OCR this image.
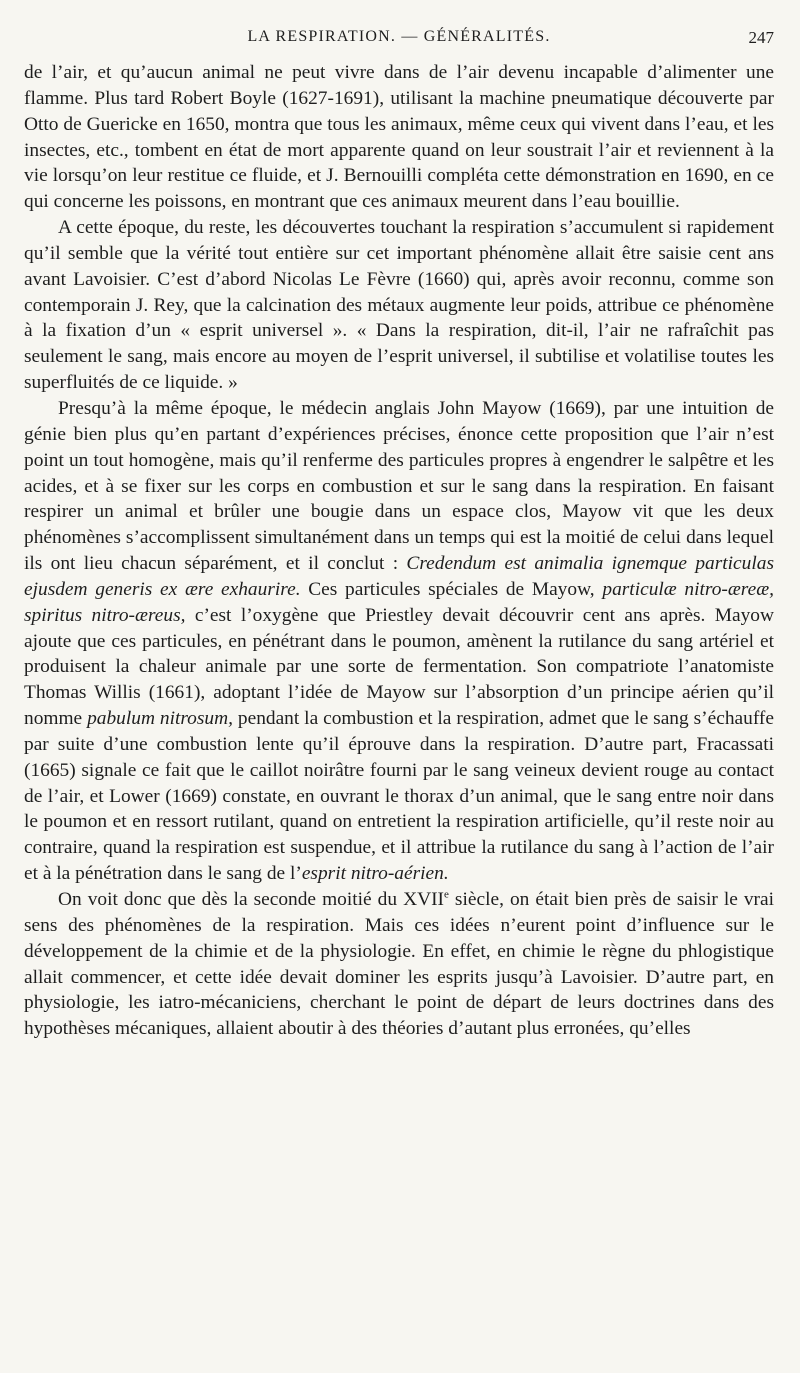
LA RESPIRATION. — GÉNÉRALITÉS.	247

de l’air, et qu’aucun animal ne peut vivre dans de l’air devenu incapable d’alimenter une flamme. Plus tard Robert Boyle (1627-1691), utilisant la machine pneumatique découverte par Otto de Guericke en 1650, montra que tous les animaux, même ceux qui vivent dans l’eau, et les insectes, etc., tombent en état de mort apparente quand on leur soustrait l’air et reviennent à la vie lorsqu’on leur restitue ce fluide, et J. Bernouilli compléta cette démonstration en 1690, en ce qui concerne les poissons, en montrant que ces animaux meurent dans l’eau bouillie.

A cette époque, du reste, les découvertes touchant la respiration s’accumulent si rapidement qu’il semble que la vérité tout entière sur cet important phénomène allait être saisie cent ans avant Lavoisier. C’est d’abord Nicolas Le Fèvre (1660) qui, après avoir reconnu, comme son contemporain J. Rey, que la calcination des métaux augmente leur poids, attribue ce phénomène à la fixation d’un « esprit universel ». « Dans la respiration, dit-il, l’air ne rafraîchit pas seulement le sang, mais encore au moyen de l’esprit universel, il subtilise et volatilise toutes les superfluités de ce liquide. »

Presqu’à la même époque, le médecin anglais John Mayow (1669), par une intuition de génie bien plus qu’en partant d’expériences précises, énonce cette proposition que l’air n’est point un tout homogène, mais qu’il renferme des particules propres à engendrer le salpêtre et les acides, et à se fixer sur les corps en combustion et sur le sang dans la respiration. En faisant respirer un animal et brûler une bougie dans un espace clos, Mayow vit que les deux phénomènes s’accomplissent simultanément dans un temps qui est la moitié de celui dans lequel ils ont lieu chacun séparément, et il conclut : Credendum est animalia ignemque particulas ejusdem generis ex ære exhaurire. Ces particules spéciales de Mayow, particulæ nitro-æreæ, spiritus nitro-æreus, c’est l’oxygène que Priestley devait découvrir cent ans après. Mayow ajoute que ces particules, en pénétrant dans le poumon, amènent la rutilance du sang artériel et produisent la chaleur animale par une sorte de fermentation. Son compatriote l’anatomiste Thomas Willis (1661), adoptant l’idée de Mayow sur l’absorption d’un principe aérien qu’il nomme pabulum nitrosum, pendant la combustion et la respiration, admet que le sang s’échauffe par suite d’une combustion lente qu’il éprouve dans la respiration. D’autre part, Fracassati (1665) signale ce fait que le caillot noirâtre fourni par le sang veineux devient rouge au contact de l’air, et Lower (1669) constate, en ouvrant le thorax d’un animal, que le sang entre noir dans le poumon et en ressort rutilant, quand on entretient la respiration artificielle, qu’il reste noir au contraire, quand la respiration est suspendue, et il attribue la rutilance du sang à l’action de l’air et à la pénétration dans le sang de l’esprit nitro-aérien.

On voit donc que dès la seconde moitié du XVIIe siècle, on était bien près de saisir le vrai sens des phénomènes de la respiration. Mais ces idées n’eurent point d’influence sur le développement de la chimie et de la physiologie. En effet, en chimie le règne du phlogistique allait commencer, et cette idée devait dominer les esprits jusqu’à Lavoisier. D’autre part, en physiologie, les iatro-mécaniciens, cherchant le point de départ de leurs doctrines dans des hypothèses mécaniques, allaient aboutir à des théories d’autant plus erronées, qu’elles
